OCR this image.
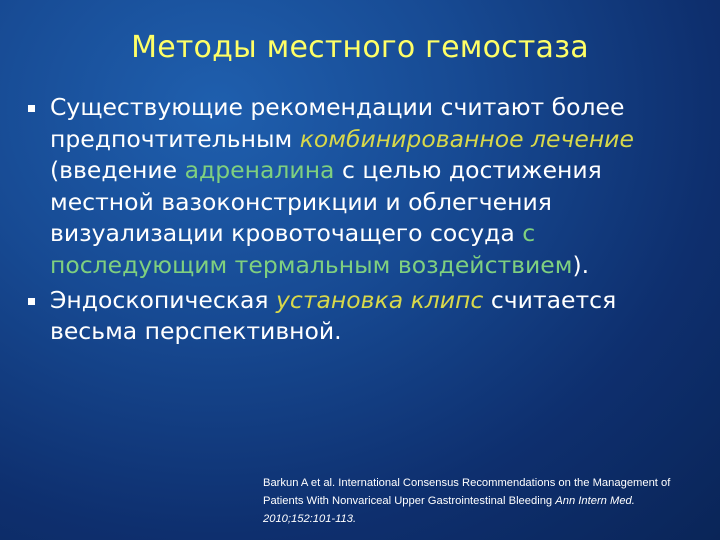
Методы местного гемостаза
Существующие рекомендации считают более предпочтительным комбинированное лечение (введение адреналина с целью достижения местной вазоконстрикции и облегчения визуализации кровоточащего сосуда с последующим термальным воздействием).
Эндоскопическая установка клипс считается весьма перспективной.
Barkun A et al. International Consensus Recommendations on the Management of Patients With Nonvariceal Upper Gastrointestinal Bleeding Ann Intern Med. 2010;152:101-113.
